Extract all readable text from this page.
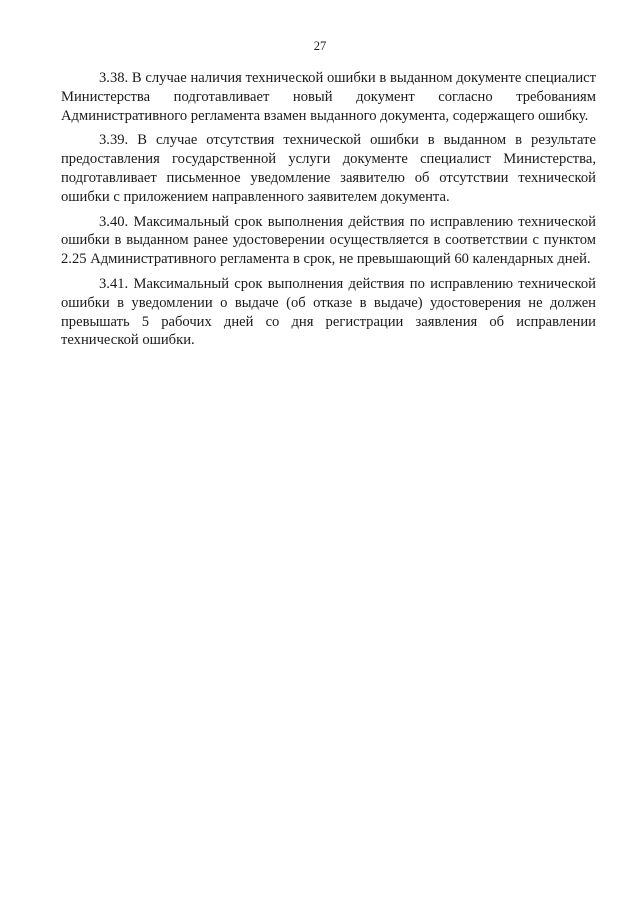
27

3.38. В случае наличия технической ошибки в выданном документе специалист Министерства подготавливает новый документ согласно требованиям Административного регламента взамен выданного документа, содержащего ошибку.

3.39. В случае отсутствия технической ошибки в выданном в результате предоставления государственной услуги документе специалист Министерства, подготавливает письменное уведомление заявителю об отсутствии технической ошибки с приложением направленного заявителем документа.

3.40. Максимальный срок выполнения действия по исправлению технической ошибки в выданном ранее удостоверении осуществляется в соответствии с пунктом 2.25 Административного регламента в срок, не превышающий 60 календарных дней.

3.41. Максимальный срок выполнения действия по исправлению технической ошибки в уведомлении о выдаче (об отказе в выдаче) удостоверения не должен превышать 5 рабочих дней со дня регистрации заявления об исправлении технической ошибки.
